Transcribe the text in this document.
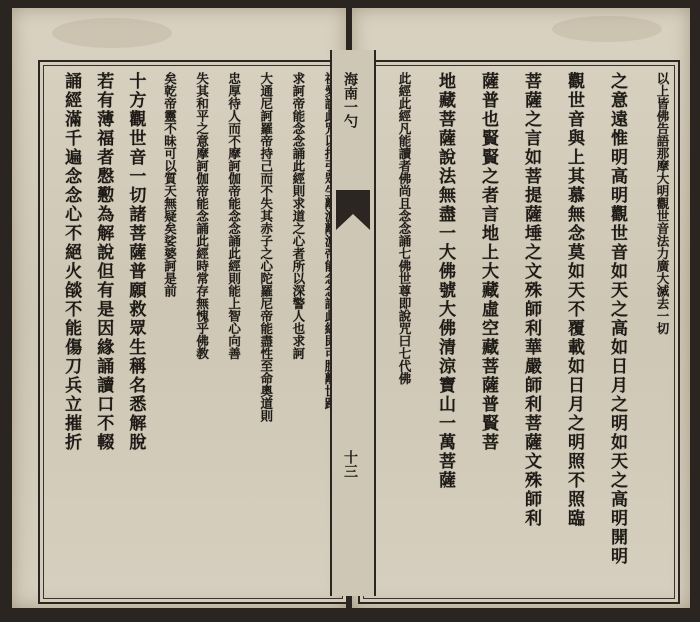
求訶帝能念念誦此經則求道之心者所以深警人也求訶
大通尼訶羅帝持己而不失其赤子之心陀羅尼帝能盡性至命奧道則
忠厚待人而不摩訶伽帝能念念誦此經則能上智心向善
失其和平之意摩訶伽帝能念誦此經時常存無愧乎佛教
矣乾帝靈不昧可以質天無疑矣娑婆訶是前
十方觀世音一切諸菩薩普願救眾生稱名悉解脫
若有薄福者慇懃為解說但有是因緣誦讀口不輟
誦經滿千遍念念心不絕火燄不能傷刀兵立摧折	以上皆佛告語那摩大明觀世音法力廣大滅去一切
之意遠惟明高明觀世音如天之高如日月之明如天之高明開明
觀世音與上其慕無念莫如天不覆載如日月之明照不照臨
菩薩之言如菩提薩埵之文殊師利華嚴師利菩薩文殊師利
薩普也賢賢之者言地上大藏虛空藏菩薩普賢菩
地藏菩薩說法無盡一大佛號大佛清涼寶山一萬菩薩
此經此經凡能讀者佛尚且念念誦七佛世尊即說咒曰七代佛
海南一勺
十三
